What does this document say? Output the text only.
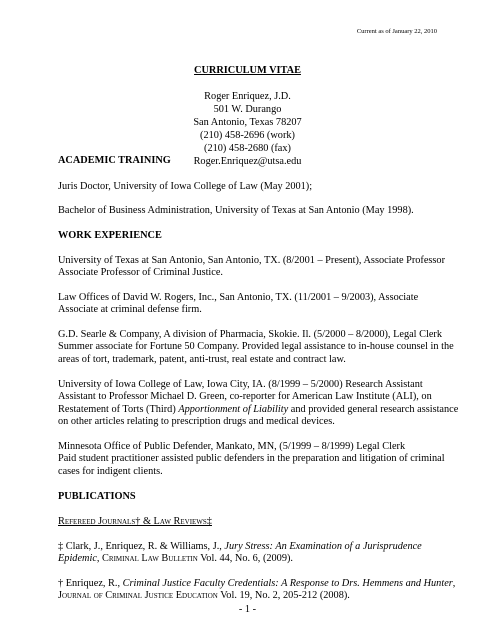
Current as of January 22, 2010
CURRICULUM VITAE
Roger Enriquez, J.D.
501 W. Durango
San Antonio, Texas 78207
(210) 458-2696 (work)
(210) 458-2680 (fax)
Roger.Enriquez@utsa.edu
ACADEMIC TRAINING
Juris Doctor, University of Iowa College of Law (May 2001);
Bachelor of Business Administration, University of Texas at San Antonio (May 1998).
WORK EXPERIENCE
University of Texas at San Antonio, San Antonio, TX. (8/2001 – Present), Associate Professor
Associate Professor of Criminal Justice.
Law Offices of David W. Rogers, Inc., San Antonio, TX. (11/2001 – 9/2003), Associate
Associate at criminal defense firm.
G.D. Searle & Company, A division of Pharmacia, Skokie. Il. (5/2000 – 8/2000), Legal Clerk
Summer associate for Fortune 50 Company. Provided legal assistance to in-house counsel in the
areas of tort, trademark, patent, anti-trust, real estate and contract law.
University of Iowa College of Law, Iowa City, IA. (8/1999 – 5/2000) Research Assistant
Assistant to Professor Michael D. Green, co-reporter for American Law Institute (ALI), on
Restatement of Torts (Third) Apportionment of Liability and provided general research assistance
on other articles relating to prescription drugs and medical devices.
Minnesota Office of Public Defender, Mankato, MN, (5/1999 – 8/1999) Legal Clerk
Paid student practitioner assisted public defenders in the preparation and litigation of criminal
cases for indigent clients.
PUBLICATIONS
Refereed Journals† & Law Reviews‡
‡ Clark, J., Enriquez, R. & Williams, J., Jury Stress: An Examination of a Jurisprudence
Epidemic, Criminal Law Bulletin Vol. 44, No. 6, (2009).
† Enriquez, R., Criminal Justice Faculty Credentials: A Response to Drs. Hemmens and Hunter,
Journal of Criminal Justice Education Vol. 19, No. 2, 205-212 (2008).
- 1 -
